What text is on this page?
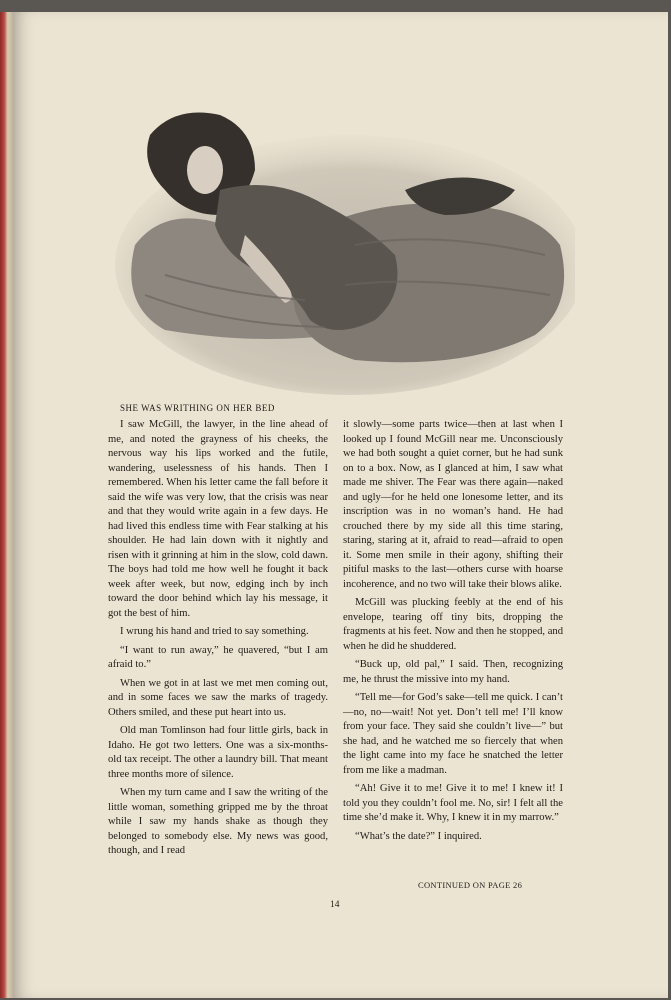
SHE WAS WRITHING ON HER BED

I saw McGill, the lawyer, in the line ahead of me, and noted the grayness of his cheeks, the nervous way his lips worked and the futile, wandering, uselessness of his hands. Then I remembered. When his letter came the fall before it said the wife was very low, that the crisis was near and that they would write again in a few days. He had lived this endless time with Fear stalking at his shoulder. He had lain down with it nightly and risen with it grinning at him in the slow, cold dawn. The boys had told me how well he fought it back week after week, but now, edging inch by inch toward the door behind which lay his message, it got the best of him.

I wrung his hand and tried to say something.

“I want to run away,” he quavered, “but I am afraid to.”

When we got in at last we met men coming out, and in some faces we saw the marks of tragedy. Others smiled, and these put heart into us.

Old man Tomlinson had four little girls, back in Idaho. He got two letters. One was a six-months-old tax receipt. The other a laundry bill. That meant three months more of silence.

When my turn came and I saw the writing of the little woman, something gripped me by the throat while I saw my hands shake as though they belonged to somebody else. My news was good, though, and I read

it slowly—some parts twice—then at last when I looked up I found McGill near me. Unconsciously we had both sought a quiet corner, but he had sunk on to a box. Now, as I glanced at him, I saw what made me shiver. The Fear was there again—naked and ugly—for he held one lonesome letter, and its inscription was in no woman’s hand. He had crouched there by my side all this time staring, staring, staring at it, afraid to read—afraid to open it. Some men smile in their agony, shifting their pitiful masks to the last—others curse with hoarse incoherence, and no two will take their blows alike.

McGill was plucking feebly at the end of his envelope, tearing off tiny bits, dropping the fragments at his feet. Now and then he stopped, and when he did he shuddered.

“Buck up, old pal,” I said. Then, recognizing me, he thrust the missive into my hand.

“Tell me—for God’s sake—tell me quick. I can’t—no, no—wait! Not yet. Don’t tell me! I’ll know from your face. They said she couldn’t live—” but she had, and he watched me so fiercely that when the light came into my face he snatched the letter from me like a madman.

“Ah! Give it to me! Give it to me! I knew it! I told you they couldn’t fool me. No, sir! I felt all the time she’d make it. Why, I knew it in my marrow.”

“What’s the date?” I inquired.

CONTINUED ON PAGE 26
14
